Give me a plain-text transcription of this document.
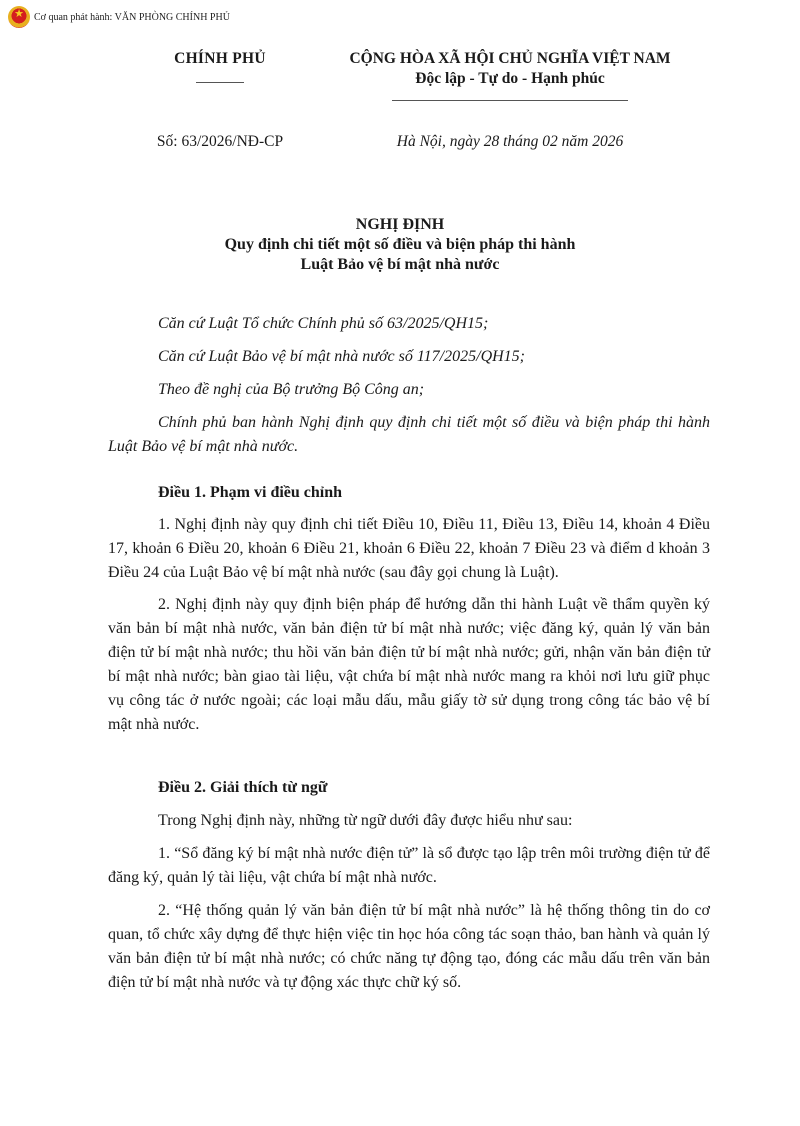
★
Cơ quan phát hành: VĂN PHÒNG CHÍNH PHỦ
CHÍNH PHỦ	CỘNG HÒA XÃ HỘI CHỦ NGHĨA VIỆT NAM
Độc lập - Tự do - Hạnh phúc
Số: 63/2026/NĐ-CP	Hà Nội, ngày 28 tháng 02 năm 2026
NGHỊ ĐỊNH
Quy định chi tiết một số điều và biện pháp thi hành
Luật Bảo vệ bí mật nhà nước

Căn cứ Luật Tổ chức Chính phủ số 63/2025/QH15;

Căn cứ Luật Bảo vệ bí mật nhà nước số 117/2025/QH15;

Theo đề nghị của Bộ trưởng Bộ Công an;

Chính phủ ban hành Nghị định quy định chi tiết một số điều và biện pháp thi hành Luật Bảo vệ bí mật nhà nước.

Điều 1. Phạm vi điều chỉnh

1. Nghị định này quy định chi tiết Điều 10, Điều 11, Điều 13, Điều 14, khoản 4 Điều 17, khoản 6 Điều 20, khoản 6 Điều 21, khoản 6 Điều 22, khoản 7 Điều 23 và điểm d khoản 3 Điều 24 của Luật Bảo vệ bí mật nhà nước (sau đây gọi chung là Luật).

2. Nghị định này quy định biện pháp để hướng dẫn thi hành Luật về thẩm quyền ký văn bản bí mật nhà nước, văn bản điện tử bí mật nhà nước; việc đăng ký, quản lý văn bản điện tử bí mật nhà nước; thu hồi văn bản điện tử bí mật nhà nước; gửi, nhận văn bản điện tử bí mật nhà nước; bàn giao tài liệu, vật chứa bí mật nhà nước mang ra khỏi nơi lưu giữ phục vụ công tác ở nước ngoài; các loại mẫu dấu, mẫu giấy tờ sử dụng trong công tác bảo vệ bí mật nhà nước.

Điều 2. Giải thích từ ngữ

Trong Nghị định này, những từ ngữ dưới đây được hiểu như sau:

1. “Sổ đăng ký bí mật nhà nước điện tử” là sổ được tạo lập trên môi trường điện tử để đăng ký, quản lý tài liệu, vật chứa bí mật nhà nước.

2. “Hệ thống quản lý văn bản điện tử bí mật nhà nước” là hệ thống thông tin do cơ quan, tổ chức xây dựng để thực hiện việc tin học hóa công tác soạn thảo, ban hành và quản lý văn bản điện tử bí mật nhà nước; có chức năng tự động tạo, đóng các mẫu dấu trên văn bản điện tử bí mật nhà nước và tự động xác thực chữ ký số.
